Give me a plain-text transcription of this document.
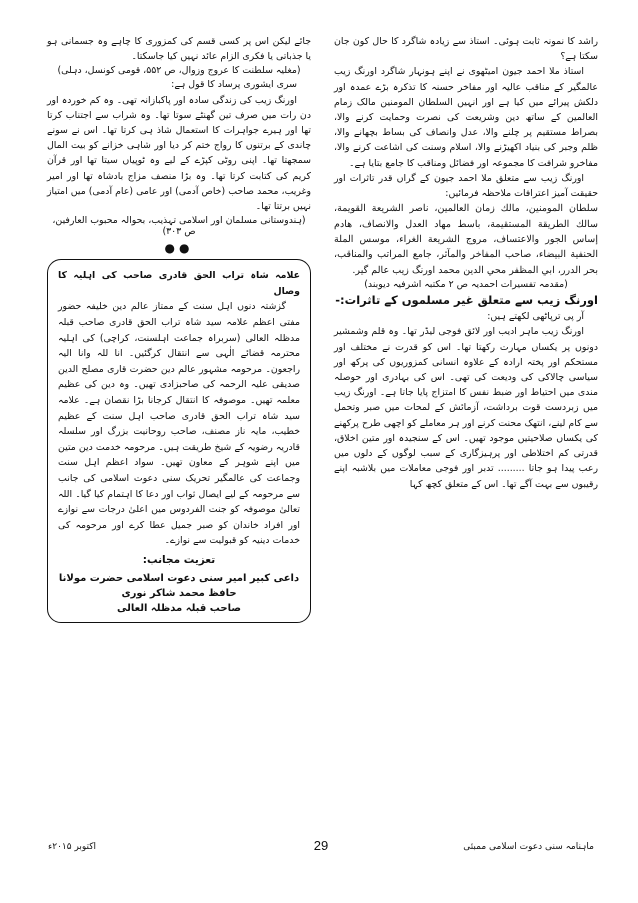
راشد کا نمونہ ثابت ہوئی۔ استاذ سے زیادہ شاگرد کا حال کون جان سکتا ہے؟

استاذ ملا احمد جیون امیٹھوی نے اپنے ہونہار شاگرد اورنگ زیب عالمگیر کے مناقب عالیہ اور مفاخر حسنہ کا تذکرہ بڑے عمدہ اور دلکش پیرائے میں کیا ہے اور انہیں السلطان المومنین مالک زمام العالمین کے ساتھ دین وشریعت کی نصرت وحمایت کرنے والا، بصراط مستقیم پر چلنے والا، عدل وانصاف کی بساط بچھانے والا، ظلم وجبر کی بنیاد اکھیڑنے والا، اسلام وسنت کی اشاعت کرنے والا، مفاخرو شرافت کا مجموعہ اور فضائل ومناقب کا جامع بتایا ہے۔

اورنگ زیب سے متعلق ملا احمد جیون کے گراں قدر تاثرات اور حقیقت آمیز اعترافات ملاحظہ فرمائیں:

سلطان المومنين، مالك زمان العالمين، ناصر الشريعة القويمة، سالك الطريقة المستقيمة، باسط مهاد العدل والانصاف، هادم إساس الجور والاعتساف، مروج الشريعة الغراء، موسس الملة الحنفية البيضاء، صاحب المفاخر والمآثر، جامع المراتب والمناقب، بحر الدرر، ابي المظفر محي الدين محمد اورنگ زيب عالم گير.

(مقدمہ تفسیرات احمدیہ ص ۲ مکتبہ اشرفیہ دیوبند)

اورنگ زیب سے متعلق غیر مسلموں کے تاثرات:-

آر پی ترپاٹھی لکھتے ہیں:

اورنگ زیب ماہر ادیب اور لائق فوجی لیڈر تھا۔ وہ قلم وشمشیر دونوں پر یکساں مہارت رکھتا تھا۔ اس کو قدرت نے مختلف اور مستحکم اور پختہ ارادہ کے علاوہ انسانی کمزوریوں کی پرکھ اور سیاسی چالاکی کی ودیعت کی تھی۔ اس کی بہادری اور حوصلہ مندی میں احتیاط اور ضبط نفس کا امتزاج پایا جاتا ہے۔ اورنگ زیب میں زبردست قوت برداشت، آزمائش کے لمحات میں صبر وتحمل سے کام لینے، انتھک محنت کرنے اور ہر معاملے کو اچھی طرح پرکھنے کی یکساں صلاحیتیں موجود تھیں۔ اس کے سنجیدہ اور متین اخلاق، قدرتی کم اختلاطی اور پرہیزگاری کے سبب لوگوں کے دلوں میں رعب پیدا ہو جاتا ......... تدبر اور فوجی معاملات میں بلاشبہ اپنے رقیبوں سے بہت آگے تھا۔ اس کے متعلق کچھ کہا

جائے لیکن اس پر کسی قسم کی کمزوری کا چاہے وہ جسمانی ہو یا جذباتی یا فکری الزام عائد نہیں کیا جاسکتا۔

(مغلیہ سلطنت کا عروج وزوال، ص ۵۵۲، قومی کونسل، دہلی)

سری ایشوری پرساد کا قول ہے:

اورنگ زیب کی زندگی سادہ اور پاکبازانہ تھی۔ وہ کم خوردہ اور دن رات میں صرف تین گھنٹے سوتا تھا۔ وہ شراب سے اجتناب کرتا تھا اور ہیرے جواہرات کا استعمال شاذ ہی کرتا تھا۔ اس نے سونے چاندی کے برتنوں کا رواج ختم کر دیا اور شاہی خزانے کو بیت المال سمجھتا تھا۔ اپنی روٹی کپڑے کے لیے وہ ٹوپیاں سیتا تھا اور قرآن کریم کی کتابت کرتا تھا۔ وہ بڑا منصف مزاج بادشاہ تھا اور امیر وغریب، محمد صاحب (خاص آدمی) اور عامی (عام آدمی) میں امتیاز نہیں برتتا تھا۔

(ہندوستانی مسلمان اور اسلامی تہذیب، بحوالہ محبوب العارفین، ص ۳۰۳)

●●

علامہ شاہ تراب الحق قادری صاحب کی اہلیہ کا وصال

گزشتہ دنوں اہل سنت کے ممتاز عالم دین خلیفہ حضور مفتی اعظم علامہ سید شاہ تراب الحق قادری صاحب قبلہ مدظلہ العالی (سربراہ جماعت اہلسنت، کراچی) کی اہلیہ محترمہ قضائے الٰہی سے انتقال کرگئیں۔ انا للہ وانا الیہ راجعون۔ مرحومہ مشہور عالم دین حضرت قاری مصلح الدین صدیقی علیہ الرحمہ کی صاحبزادی تھیں۔ وہ دین کی عظیم معلمہ تھیں۔ موصوفہ کا انتقال کرجانا بڑا نقصان ہے۔ علامہ سید شاہ تراب الحق قادری صاحب اہل سنت کے عظیم خطیب، مایہ ناز مصنف، صاحب روحانیت بزرگ اور سلسلہ قادریہ رضویہ کے شیخ طریقت ہیں۔ مرحومہ خدمت دین متین میں اپنے شوہر کے معاون تھیں۔ سواد اعظم اہل سنت وجماعت کی عالمگیر تحریک سنی دعوت اسلامی کی جانب سے مرحومہ کے لیے ایصال ثواب اور دعا کا اہتمام کیا گیا۔ اللہ تعالیٰ موصوفہ کو جنت الفردوس میں اعلیٰ درجات سے نوازے اور افراد خاندان کو صبر جمیل عطا کرے اور مرحومہ کی خدمات دینیہ کو قبولیت سے نوازے۔

تعزیت مجانب:

داعی کبیر امیر سنی دعوت اسلامی حضرت مولانا حافظ محمد شاکر نوری

صاحب قبلہ مدظلہ العالی

ماہنامہ سنی دعوت اسلامی ممبئی
29
اکتوبر ۲۰۱۵ء
